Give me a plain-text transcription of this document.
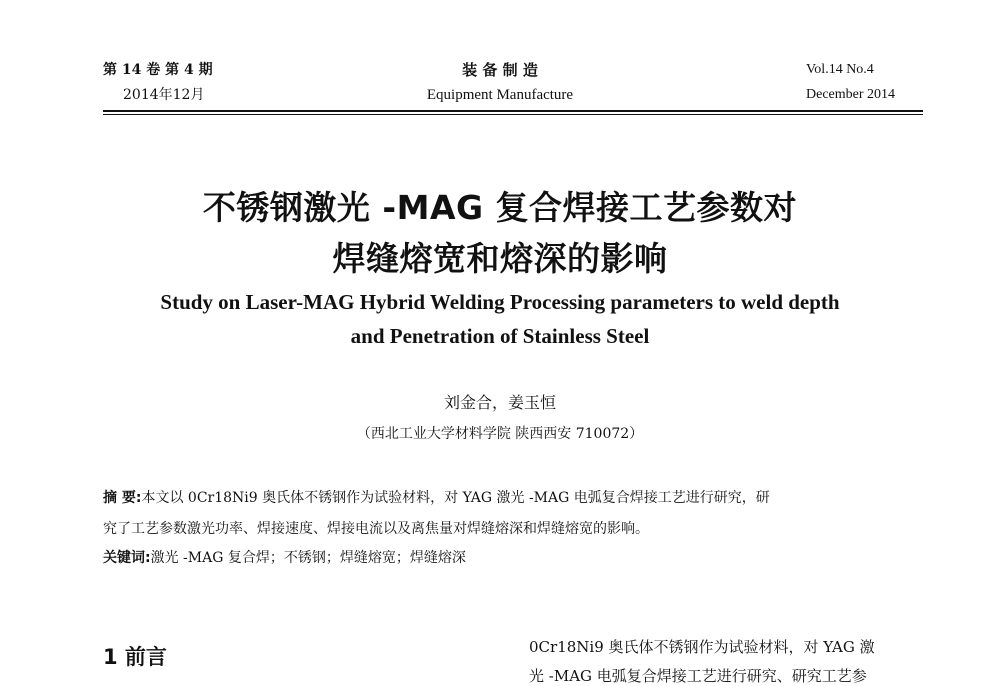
第 14 卷 第 4 期
2014年12月
装 备 制 造
Equipment Manufacture
Vol.14 No.4
December 2014
不锈钢激光 -MAG 复合焊接工艺参数对
焊缝熔宽和熔深的影响
Study on Laser-MAG Hybrid Welding Processing parameters to weld depth
and Penetration of Stainless Steel
刘金合，姜玉恒
（西北工业大学材料学院 陕西西安 710072）
摘 要:本文以 0Cr18Ni9 奥氏体不锈钢作为试验材料，对 YAG 激光 -MAG 电弧复合焊接工艺进行研究，研
究了工艺参数激光功率、焊接速度、焊接电流以及离焦量对焊缝熔深和焊缝熔宽的影响。
关键词:激光 -MAG 复合焊；不锈钢；焊缝熔宽；焊缝熔深
1 前言	0Cr18Ni9 奥氏体不锈钢作为试验材料，对 YAG 激
光 -MAG 电弧复合焊接工艺进行研究、研究工艺参
